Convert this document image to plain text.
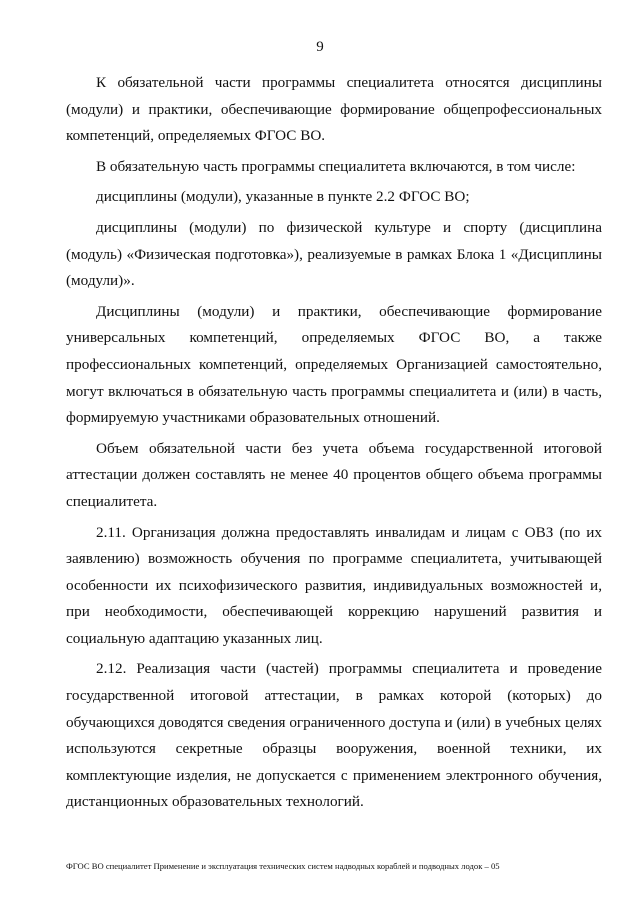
9

К обязательной части программы специалитета относятся дисциплины (модули) и практики, обеспечивающие формирование общепрофессиональных компетенций, определяемых ФГОС ВО.

В обязательную часть программы специалитета включаются, в том числе:

дисциплины (модули), указанные в пункте 2.2 ФГОС ВО;

дисциплины (модули) по физической культуре и спорту (дисциплина (модуль) «Физическая подготовка»), реализуемые в рамках Блока 1 «Дисциплины (модули)».

Дисциплины (модули) и практики, обеспечивающие формирование универсальных компетенций, определяемых ФГОС ВО, а также профессиональных компетенций, определяемых Организацией самостоятельно, могут включаться в обязательную часть программы специалитета и (или) в часть, формируемую участниками образовательных отношений.

Объем обязательной части без учета объема государственной итоговой аттестации должен составлять не менее 40 процентов общего объема программы специалитета.

2.11. Организация должна предоставлять инвалидам и лицам с ОВЗ (по их заявлению) возможность обучения по программе специалитета, учитывающей особенности их психофизического развития, индивидуальных возможностей и, при необходимости, обеспечивающей коррекцию нарушений развития и социальную адаптацию указанных лиц.

2.12. Реализация части (частей) программы специалитета и проведение государственной итоговой аттестации, в рамках которой (которых) до обучающихся доводятся сведения ограниченного доступа и (или) в учебных целях используются секретные образцы вооружения, военной техники, их комплектующие изделия, не допускается с применением электронного обучения, дистанционных образовательных технологий.

ФГОС ВО специалитет Применение и эксплуатация технических систем надводных кораблей и подводных лодок – 05
